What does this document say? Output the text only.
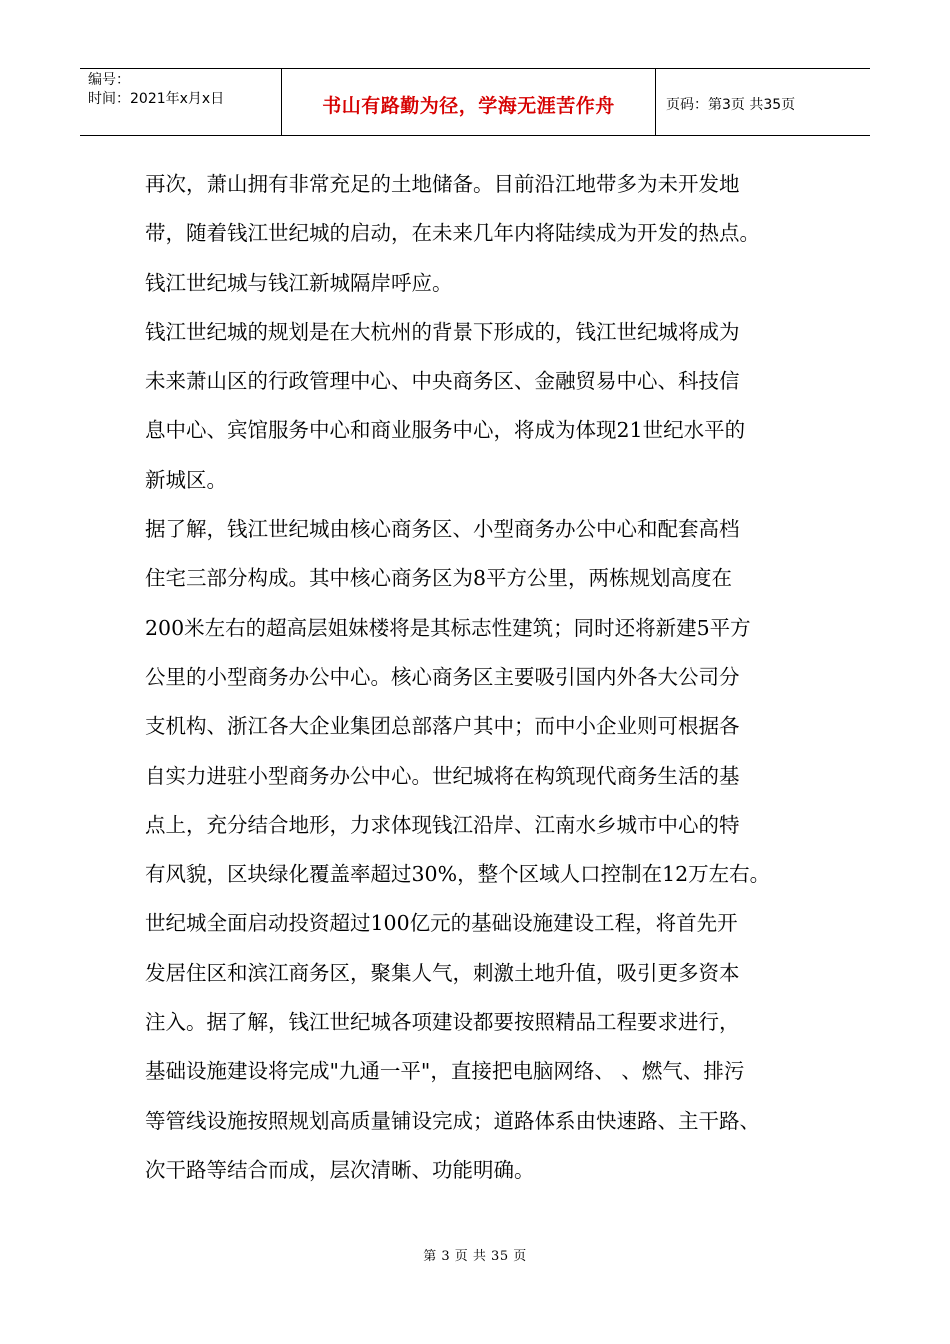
编号：
时间：2021年x月x日	书山有路勤为径，学海无涯苦作舟	页码：第3页 共35页
再次，萧山拥有非常充足的土地储备。目前沿江地带多为未开发地
带，随着钱江世纪城的启动，在未来几年内将陆续成为开发的热点。
钱江世纪城与钱江新城隔岸呼应。
钱江世纪城的规划是在大杭州的背景下形成的，钱江世纪城将成为
未来萧山区的行政管理中心、中央商务区、金融贸易中心、科技信
息中心、宾馆服务中心和商业服务中心，将成为体现21世纪水平的
新城区。
据了解，钱江世纪城由核心商务区、小型商务办公中心和配套高档
住宅三部分构成。其中核心商务区为8平方公里，两栋规划高度在
200米左右的超高层姐妹楼将是其标志性建筑；同时还将新建5平方
公里的小型商务办公中心。核心商务区主要吸引国内外各大公司分
支机构、浙江各大企业集团总部落户其中；而中小企业则可根据各
自实力进驻小型商务办公中心。世纪城将在构筑现代商务生活的基
点上，充分结合地形，力求体现钱江沿岸、江南水乡城市中心的特
有风貌，区块绿化覆盖率超过30%，整个区域人口控制在12万左右。
世纪城全面启动投资超过100亿元的基础设施建设工程，将首先开
发居住区和滨江商务区，聚集人气，刺激土地升值，吸引更多资本
注入。据了解，钱江世纪城各项建设都要按照精品工程要求进行，
基础设施建设将完成"九通一平"，直接把电脑网络、 、燃气、排污
等管线设施按照规划高质量铺设完成；道路体系由快速路、主干路、
次干路等结合而成，层次清晰、功能明确。
第 3 页 共 35 页
